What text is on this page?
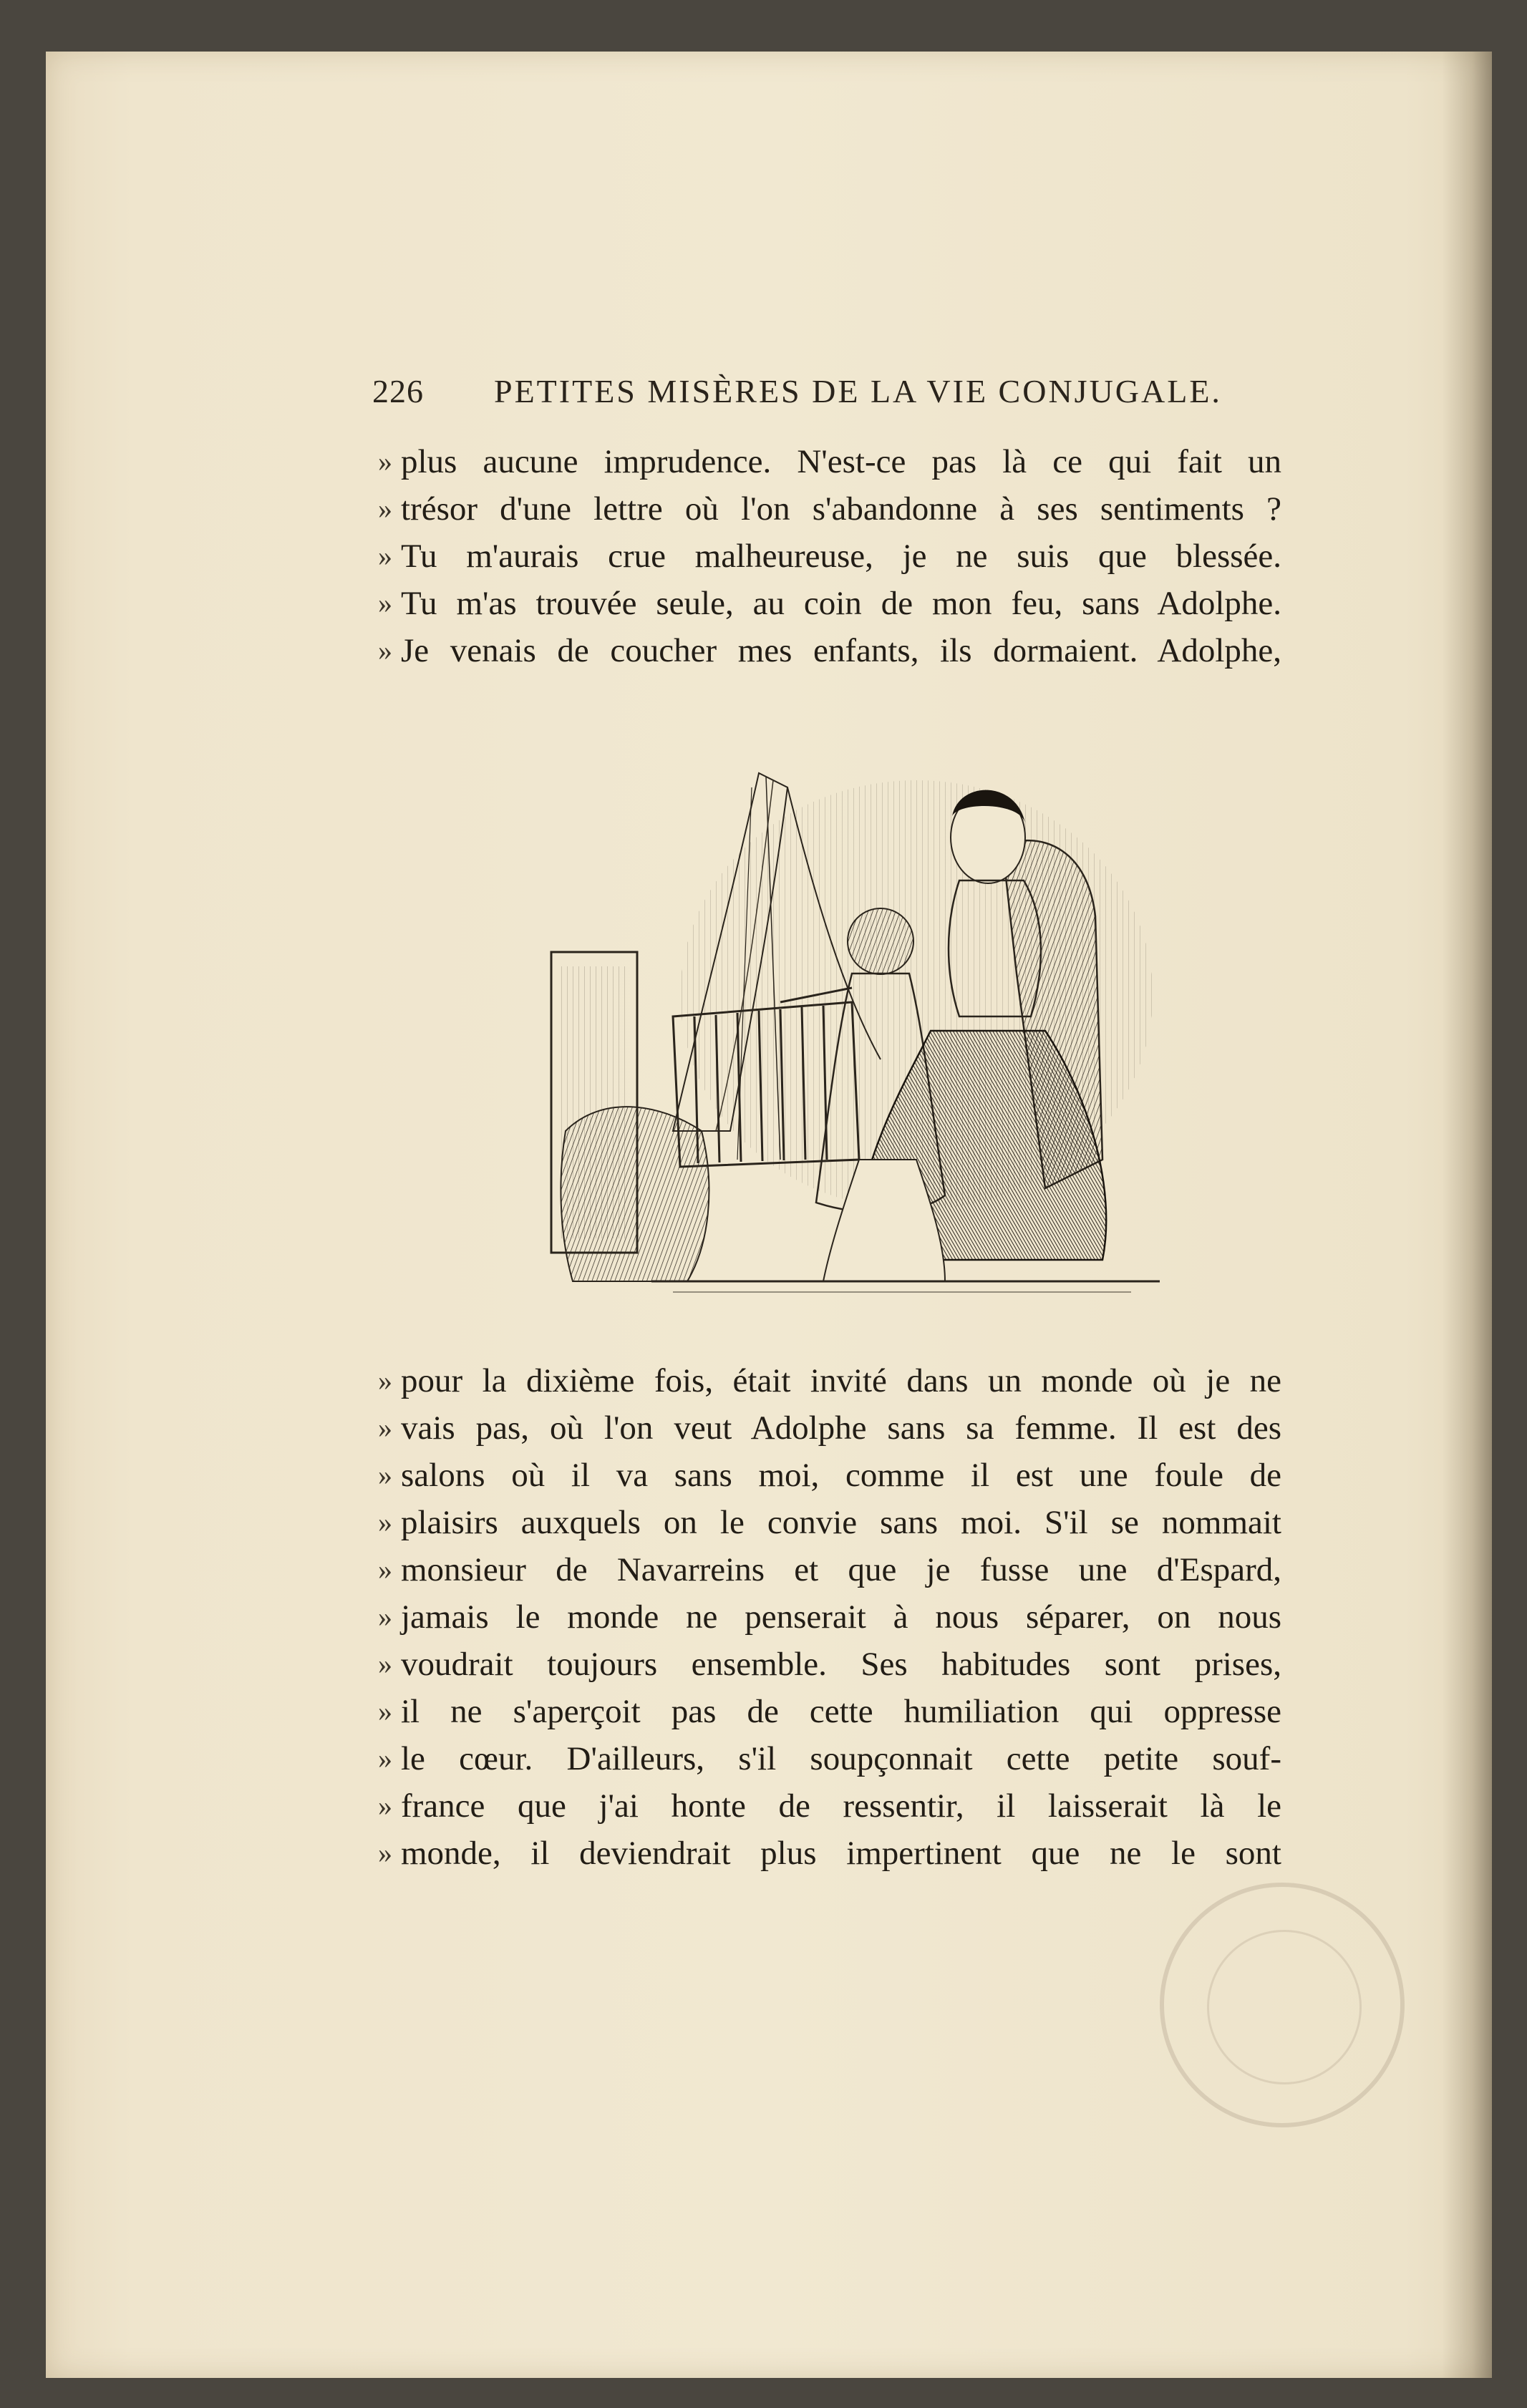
226 PETITES MISÈRES DE LA VIE CONJUGALE.
» plus aucune imprudence. N'est-ce pas là ce qui fait un
» trésor d'une lettre où l'on s'abandonne à ses sentiments ?
» Tu m'aurais crue malheureuse, je ne suis que blessée.
» Tu m'as trouvée seule, au coin de mon feu, sans Adolphe.
» Je venais de coucher mes enfants, ils dormaient. Adolphe,
» pour la dixième fois, était invité dans un monde où je ne
» vais pas, où l'on veut Adolphe sans sa femme. Il est des
» salons où il va sans moi, comme il est une foule de
» plaisirs auxquels on le convie sans moi. S'il se nommait
» monsieur de Navarreins et que je fusse une d'Espard,
» jamais le monde ne penserait à nous séparer, on nous
» voudrait toujours ensemble. Ses habitudes sont prises,
» il ne s'aperçoit pas de cette humiliation qui oppresse
» le cœur. D'ailleurs, s'il soupçonnait cette petite souf-
» france que j'ai honte de ressentir, il laisserait là le
» monde, il deviendrait plus impertinent que ne le sont
